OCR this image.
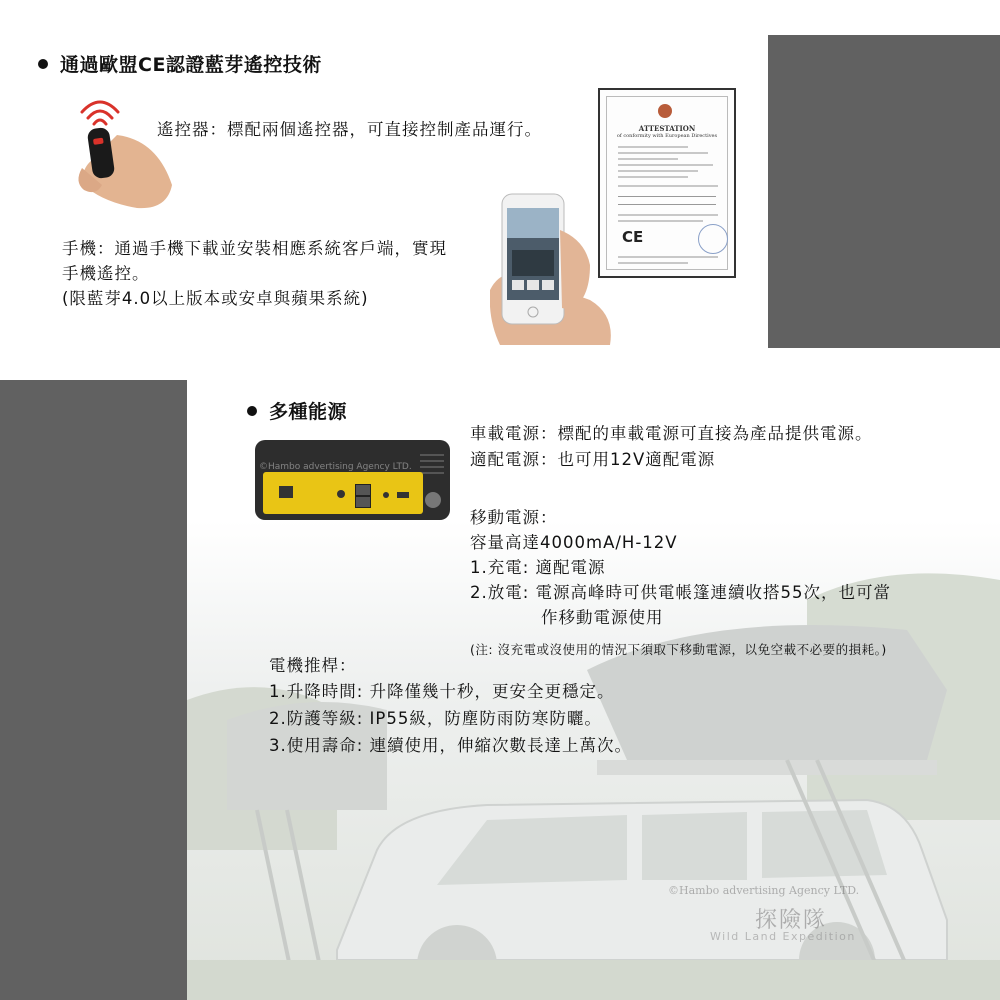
通過歐盟CE認證藍芽遙控技術
遙控器：標配兩個遙控器，可直接控制產品運行。
手機：通過手機下載並安裝相應系統客戶端，實現
手機遙控。
(限藍芽4.0以上版本或安卓與蘋果系統)
ATTESTATION
of conformity with European Directives
CE
多種能源
©Hambo advertising Agency LTD.
車載電源：標配的車載電源可直接為產品提供電源。
適配電源：也可用12V適配電源
移動電源：
容量高達4000mA/H-12V
1.充電: 適配電源
2.放電: 電源高峰時可供電帳篷連續收搭55次，也可當
作移動電源使用
(注: 沒充電或沒使用的情況下須取下移動電源，以免空載不必要的損耗。)
電機推桿：
1.升降時間: 升降僅幾十秒，更安全更穩定。
2.防護等級: IP55級，防塵防雨防寒防曬。
3.使用壽命: 連續使用，伸縮次數長達上萬次。
©Hambo advertising Agency LTD.
探險隊
Wild Land Expedition
